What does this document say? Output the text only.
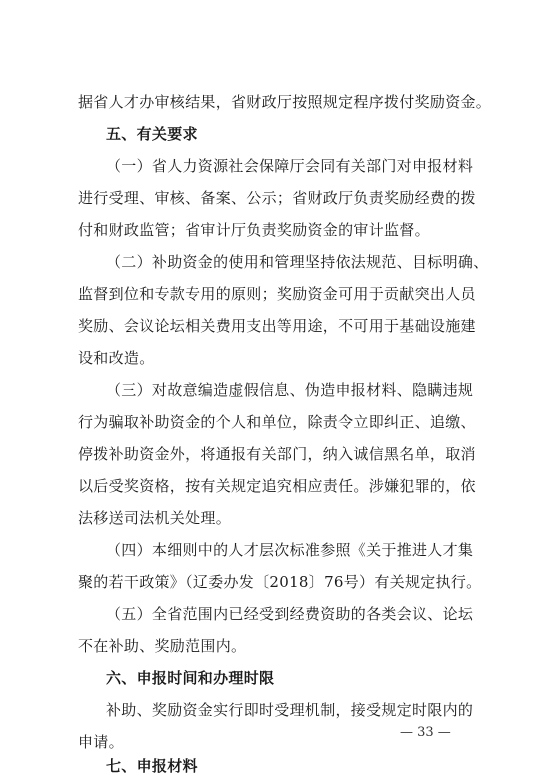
据省人才办审核结果，省财政厅按照规定程序拨付奖励资金。
五、有关要求
（一）省人力资源社会保障厅会同有关部门对申报材料
进行受理、审核、备案、公示；省财政厅负责奖励经费的拨
付和财政监管；省审计厅负责奖励资金的审计监督。
（二）补助资金的使用和管理坚持依法规范、目标明确、
监督到位和专款专用的原则；奖励资金可用于贡献突出人员
奖励、会议论坛相关费用支出等用途，不可用于基础设施建
设和改造。
（三）对故意编造虚假信息、伪造申报材料、隐瞒违规
行为骗取补助资金的个人和单位，除责令立即纠正、追缴、
停拨补助资金外，将通报有关部门，纳入诚信黑名单，取消
以后受奖资格，按有关规定追究相应责任。涉嫌犯罪的，依
法移送司法机关处理。
（四）本细则中的人才层次标准参照《关于推进人才集
聚的若干政策》（辽委办发〔2018〕76号）有关规定执行。
（五）全省范围内已经受到经费资助的各类会议、论坛
不在补助、奖励范围内。
六、申报时间和办理时限
补助、奖励资金实行即时受理机制，接受规定时限内的
申请。
七、申报材料
— 33 —
